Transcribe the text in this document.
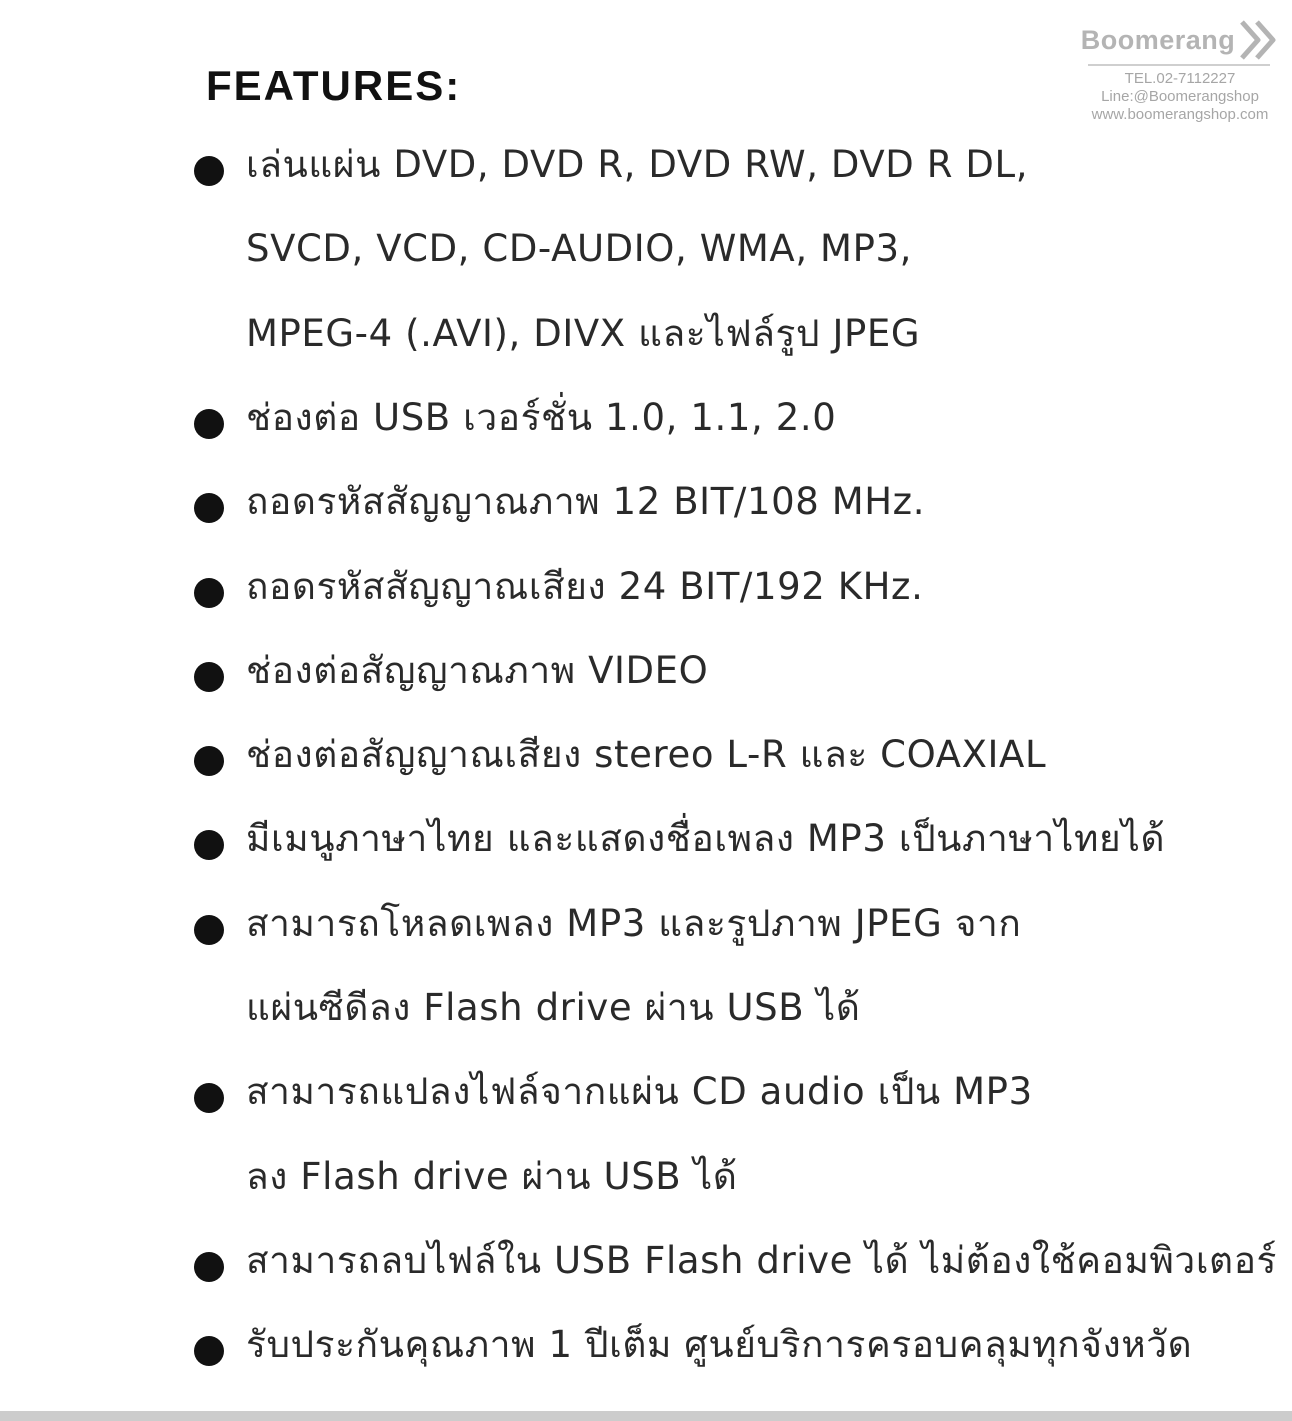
Boomerang
TEL.02-7112227
Line:@Boomerangshop
www.boomerangshop.com
FEATURES:
เล่นแผ่น DVD, DVD R, DVD RW, DVD R DL,
SVCD, VCD, CD-AUDIO, WMA, MP3,
MPEG-4 (.AVI), DIVX และไฟล์รูป JPEG
ช่องต่อ USB เวอร์ชั่น 1.0, 1.1, 2.0
ถอดรหัสสัญญาณภาพ 12 BIT/108 MHz.
ถอดรหัสสัญญาณเสียง 24 BIT/192 KHz.
ช่องต่อสัญญาณภาพ VIDEO
ช่องต่อสัญญาณเสียง stereo L-R และ COAXIAL
มีเมนูภาษาไทย และแสดงชื่อเพลง MP3 เป็นภาษาไทยได้
สามารถโหลดเพลง MP3 และรูปภาพ JPEG จาก
แผ่นซีดีลง Flash drive ผ่าน USB ได้
สามารถแปลงไฟล์จากแผ่น CD audio เป็น MP3
ลง Flash drive ผ่าน USB ได้
สามารถลบไฟล์ใน USB Flash drive ได้ ไม่ต้องใช้คอมพิวเตอร์
รับประกันคุณภาพ 1 ปีเต็ม ศูนย์บริการครอบคลุมทุกจังหวัด
